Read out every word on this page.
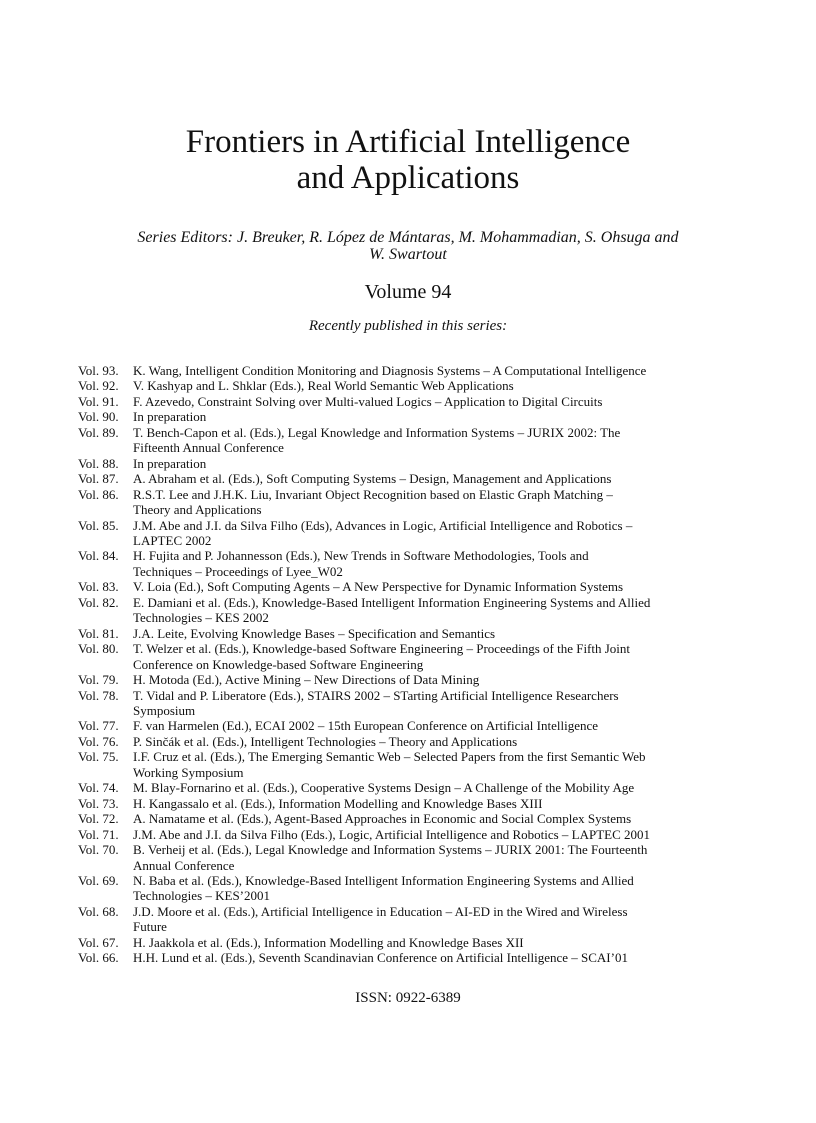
Frontiers in Artificial Intelligence
and Applications
Series Editors: J. Breuker, R. López de Mántaras, M. Mohammadian, S. Ohsuga and
W. Swartout
Volume 94
Recently published in this series:
Vol. 93.	K. Wang, Intelligent Condition Monitoring and Diagnosis Systems – A Computational Intelligence
Vol. 92.	V. Kashyap and L. Shklar (Eds.), Real World Semantic Web Applications
Vol. 91.	F. Azevedo, Constraint Solving over Multi-valued Logics – Application to Digital Circuits
Vol. 90.	In preparation
Vol. 89.	T. Bench-Capon et al. (Eds.), Legal Knowledge and Information Systems – JURIX 2002: The
Fifteenth Annual Conference
Vol. 88.	In preparation
Vol. 87.	A. Abraham et al. (Eds.), Soft Computing Systems – Design, Management and Applications
Vol. 86.	R.S.T. Lee and J.H.K. Liu, Invariant Object Recognition based on Elastic Graph Matching –
Theory and Applications
Vol. 85.	J.M. Abe and J.I. da Silva Filho (Eds), Advances in Logic, Artificial Intelligence and Robotics –
LAPTEC 2002
Vol. 84.	H. Fujita and P. Johannesson (Eds.), New Trends in Software Methodologies, Tools and
Techniques – Proceedings of Lyee_W02
Vol. 83.	V. Loia (Ed.), Soft Computing Agents – A New Perspective for Dynamic Information Systems
Vol. 82.	E. Damiani et al. (Eds.), Knowledge-Based Intelligent Information Engineering Systems and Allied
Technologies – KES 2002
Vol. 81.	J.A. Leite, Evolving Knowledge Bases – Specification and Semantics
Vol. 80.	T. Welzer et al. (Eds.), Knowledge-based Software Engineering – Proceedings of the Fifth Joint
Conference on Knowledge-based Software Engineering
Vol. 79.	H. Motoda (Ed.), Active Mining – New Directions of Data Mining
Vol. 78.	T. Vidal and P. Liberatore (Eds.), STAIRS 2002 – STarting Artificial Intelligence Researchers
Symposium
Vol. 77.	F. van Harmelen (Ed.), ECAI 2002 – 15th European Conference on Artificial Intelligence
Vol. 76.	P. Sinčák et al. (Eds.), Intelligent Technologies – Theory and Applications
Vol. 75.	I.F. Cruz et al. (Eds.), The Emerging Semantic Web – Selected Papers from the first Semantic Web
Working Symposium
Vol. 74.	M. Blay-Fornarino et al. (Eds.), Cooperative Systems Design – A Challenge of the Mobility Age
Vol. 73.	H. Kangassalo et al. (Eds.), Information Modelling and Knowledge Bases XIII
Vol. 72.	A. Namatame et al. (Eds.), Agent-Based Approaches in Economic and Social Complex Systems
Vol. 71.	J.M. Abe and J.I. da Silva Filho (Eds.), Logic, Artificial Intelligence and Robotics – LAPTEC 2001
Vol. 70.	B. Verheij et al. (Eds.), Legal Knowledge and Information Systems – JURIX 2001: The Fourteenth
Annual Conference
Vol. 69.	N. Baba et al. (Eds.), Knowledge-Based Intelligent Information Engineering Systems and Allied
Technologies – KES’2001
Vol. 68.	J.D. Moore et al. (Eds.), Artificial Intelligence in Education – AI-ED in the Wired and Wireless
Future
Vol. 67.	H. Jaakkola et al. (Eds.), Information Modelling and Knowledge Bases XII
Vol. 66.	H.H. Lund et al. (Eds.), Seventh Scandinavian Conference on Artificial Intelligence – SCAI’01
ISSN: 0922-6389
